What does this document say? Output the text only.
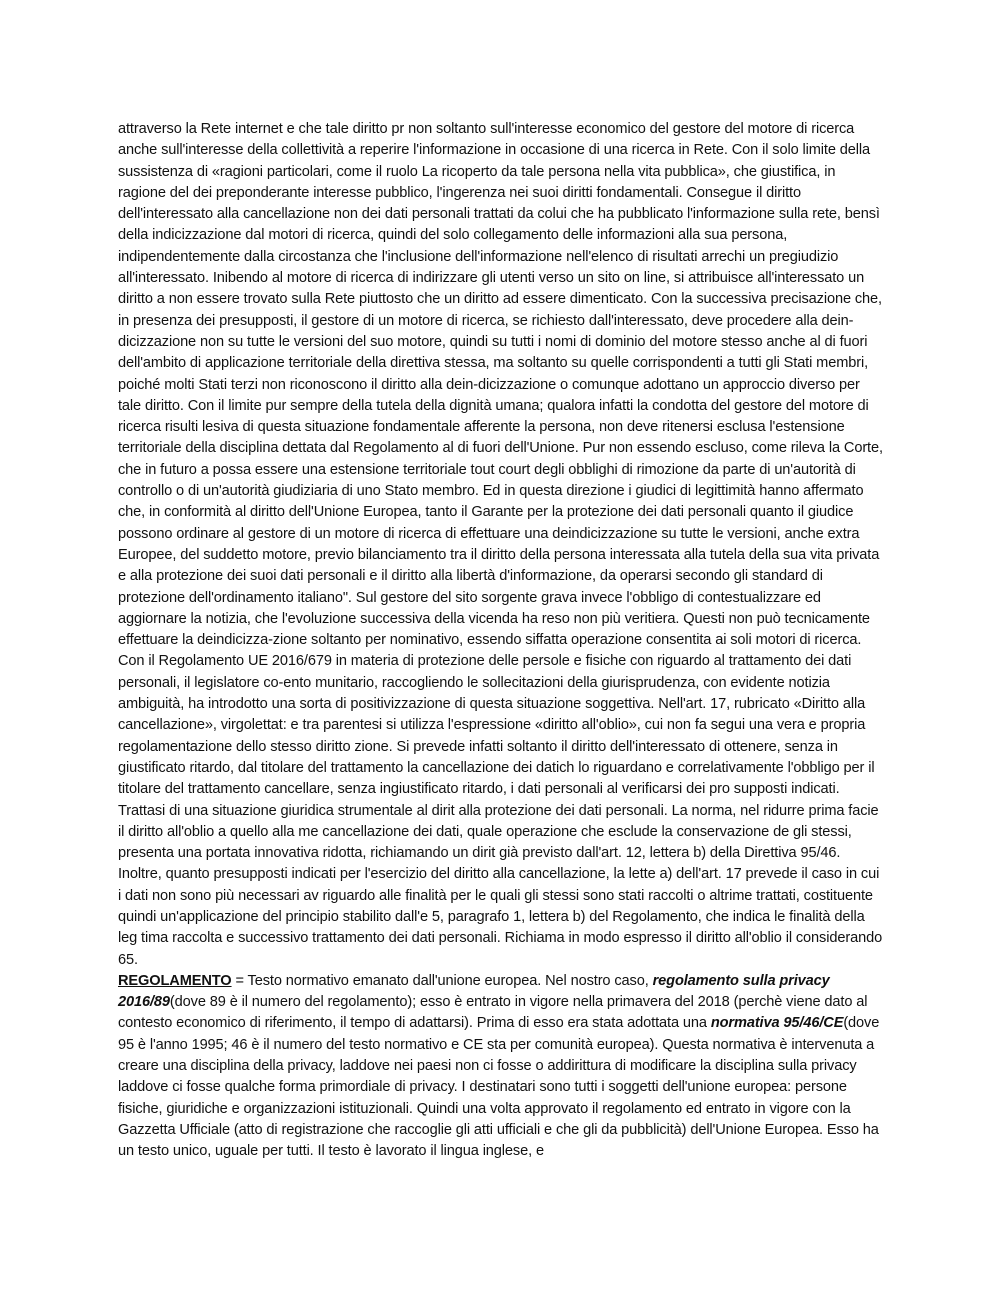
attraverso la Rete internet e che tale diritto pr non soltanto sull'interesse economico del gestore del motore di ricerca anche sull'interesse della collettività a reperire l'informazione in occasione di una ricerca in Rete. Con il solo limite della sussistenza di «ragioni particolari, come il ruolo La ricoperto da tale persona nella vita pubblica», che giustifica, in ragione del dei preponderante interesse pubblico, l'ingerenza nei suoi diritti fondamentali. Consegue il diritto dell'interessato alla cancellazione non dei dati personali trattati da colui che ha pubblicato l'informazione sulla rete, bensì della indicizzazione dal motori di ricerca, quindi del solo collegamento delle informazioni alla sua persona, indipendentemente dalla circostanza che l'inclusione dell'informazione nell'elenco di risultati arrechi un pregiudizio all'interessato. Inibendo al motore di ricerca di indirizzare gli utenti verso un sito on line, si attribuisce all'interessato un diritto a non essere trovato sulla Rete piuttosto che un diritto ad essere dimenticato. Con la successiva precisazione che, in presenza dei presupposti, il gestore di un motore di ricerca, se richiesto dall'interessato, deve procedere alla dein-dicizzazione non su tutte le versioni del suo motore, quindi su tutti i nomi di dominio del motore stesso anche al di fuori dell'ambito di applicazione territoriale della direttiva stessa, ma soltanto su quelle corrispondenti a tutti gli Stati membri, poiché molti Stati terzi non riconoscono il diritto alla dein-dicizzazione o comunque adottano un approccio diverso per tale diritto. Con il limite pur sempre della tutela della dignità umana; qualora infatti la condotta del gestore del motore di ricerca risulti lesiva di questa situazione fondamentale afferente la persona, non deve ritenersi esclusa l'estensione territoriale della disciplina dettata dal Regolamento al di fuori dell'Unione. Pur non essendo escluso, come rileva la Corte, che in futuro a possa essere una estensione territoriale tout court degli obblighi di rimozione da parte di un'autorità di controllo o di un'autorità giudiziaria di uno Stato membro. Ed in questa direzione i giudici di legittimità hanno affermato che, in conformità al diritto dell'Unione Europea, tanto il Garante per la protezione dei dati personali quanto il giudice possono ordinare al gestore di un motore di ricerca di effettuare una deindicizzazione su tutte le versioni, anche extra Europee, del suddetto motore, previo bilanciamento tra il diritto della persona interessata alla tutela della sua vita privata e alla protezione dei suoi dati personali e il diritto alla libertà d'informazione, da operarsi secondo gli standard di protezione dell'ordinamento italiano". Sul gestore del sito sorgente grava invece l'obbligo di contestualizzare ed aggiornare la notizia, che l'evoluzione successiva della vicenda ha reso non più veritiera. Questi non può tecnicamente effettuare la deindicizza-zione soltanto per nominativo, essendo siffatta operazione consentita ai soli motori di ricerca. Con il Regolamento UE 2016/679 in materia di protezione delle persole e fisiche con riguardo al trattamento dei dati personali, il legislatore co-ento munitario, raccogliendo le sollecitazioni della giurisprudenza, con evidente notizia ambiguità, ha introdotto una sorta di positivizzazione di questa situazione soggettiva. Nell'art. 17, rubricato «Diritto alla cancellazione», virgolettat: e tra parentesi si utilizza l'espressione «diritto all'oblio», cui non fa segui una vera e propria regolamentazione dello stesso diritto zione. Si prevede infatti soltanto il diritto dell'interessato di ottenere, senza in giustificato ritardo, dal titolare del trattamento la cancellazione dei datich lo riguardano e correlativamente l'obbligo per il titolare del trattamento cancellare, senza ingiustificato ritardo, i dati personali al verificarsi dei pro supposti indicati. Trattasi di una situazione giuridica strumentale al dirit alla protezione dei dati personali. La norma, nel ridurre prima facie il diritto all'oblio a quello alla me cancellazione dei dati, quale operazione che esclude la conservazione de gli stessi, presenta una portata innovativa ridotta, richiamando un dirit già previsto dall'art. 12, lettera b) della Direttiva 95/46. Inoltre, quanto presupposti indicati per l'esercizio del diritto alla cancellazione, la lette a) dell'art. 17 prevede il caso in cui i dati non sono più necessari av riguardo alle finalità per le quali gli stessi sono stati raccolti o altrime trattati, costituente quindi un'applicazione del principio stabilito dall'e 5, paragrafo 1, lettera b) del Regolamento, che indica le finalità della leg tima raccolta e successivo trattamento dei dati personali. Richiama in modo espresso il diritto all'oblio il considerando 65.

REGOLAMENTO = Testo normativo emanato dall'unione europea. Nel nostro caso, regolamento sulla privacy 2016/89(dove 89 è il numero del regolamento); esso è entrato in vigore nella primavera del 2018 (perchè viene dato al contesto economico di riferimento, il tempo di adattarsi). Prima di esso era stata adottata una normativa 95/46/CE(dove 95 è l'anno 1995; 46 è il numero del testo normativo e CE sta per comunità europea). Questa normativa è intervenuta a creare una disciplina della privacy, laddove nei paesi non ci fosse o addirittura di modificare la disciplina sulla privacy laddove ci fosse qualche forma primordiale di privacy. I destinatari sono tutti i soggetti dell'unione europea: persone fisiche, giuridiche e organizzazioni istituzionali. Quindi una volta approvato il regolamento ed entrato in vigore con la Gazzetta Ufficiale (atto di registrazione che raccoglie gli atti ufficiali e che gli da pubblicità) dell'Unione Europea. Esso ha un testo unico, uguale per tutti. Il testo è lavorato il lingua inglese, e
